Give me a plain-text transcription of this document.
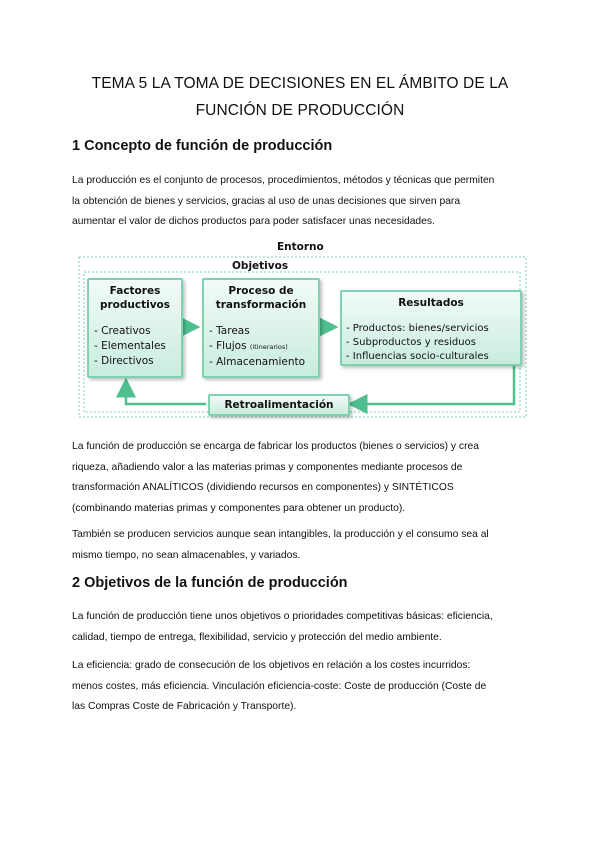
TEMA 5 LA TOMA DE DECISIONES EN EL ÁMBITO DE LA
FUNCIÓN DE PRODUCCIÓN
1 Concepto de función de producción
La producción es el conjunto de procesos, procedimientos, métodos y técnicas que permiten
la obtención de bienes y servicios, gracias al uso de unas decisiones que sirven para
aumentar el valor de dichos productos para poder satisfacer unas necesidades.
Entorno
Objetivos
Factores
productivos
- Creativos
- Elementales
- Directivos
Proceso de
transformación
- Tareas
- Flujos (itinerarios)
- Almacenamiento
Resultados
- Productos: bienes/servicios
- Subproductos y residuos
- Influencias socio-culturales
Retroalimentación
La función de producción se encarga de fabricar los productos (bienes o servicios) y crea
riqueza, añadiendo valor a las materias primas y componentes mediante procesos de
transformación ANALÍTICOS (dividiendo recursos en componentes) y SINTÉTICOS
(combinando materias primas y componentes para obtener un producto).
También se producen servicios aunque sean intangibles, la producción y el consumo sea al
mismo tiempo, no sean almacenables, y variados.
2 Objetivos de la función de producción
La función de producción tiene unos objetivos o prioridades competitivas básicas: eficiencia,
calidad, tiempo de entrega, flexibilidad, servicio y protección del medio ambiente.
La eficiencia: grado de consecución de los objetivos en relación a los costes incurridos:
menos costes, más eficiencia. Vinculación eficiencia-coste: Coste de producción (Coste de
las Compras Coste de Fabricación y Transporte).
